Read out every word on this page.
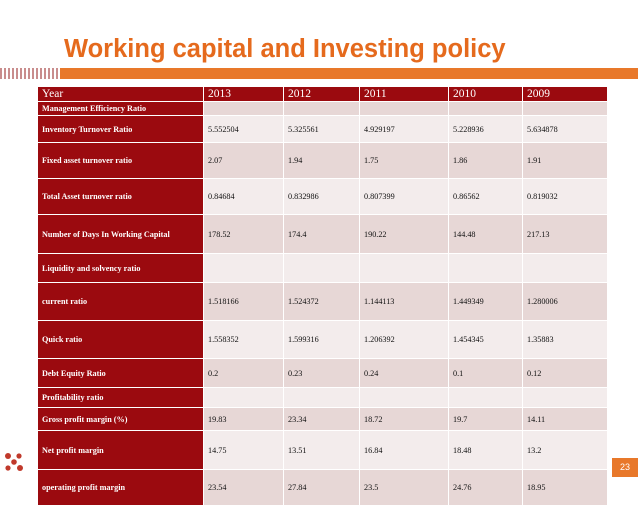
Working capital and Investing policy
Year	2013	2012	2011	2010	2009
Management Efficiency Ratio					
Inventory Turnover Ratio	5.552504	5.325561	4.929197	5.228936	5.634878
Fixed asset turnover ratio	2.07	1.94	1.75	1.86	1.91
Total Asset turnover ratio	0.84684	0.832986	0.807399	0.86562	0.819032
Number of Days In Working Capital	178.52	174.4	190.22	144.48	217.13
Liquidity and solvency ratio					
current ratio	1.518166	1.524372	1.144113	1.449349	1.280006
Quick ratio	1.558352	1.599316	1.206392	1.454345	1.35883
Debt Equity Ratio	0.2	0.23	0.24	0.1	0.12
Profitability ratio					
Gross profit margin (%)	19.83	23.34	18.72	19.7	14.11
Net profit margin	14.75	13.51	16.84	18.48	13.2
operating profit margin	23.54	27.84	23.5	24.76	18.95
23
